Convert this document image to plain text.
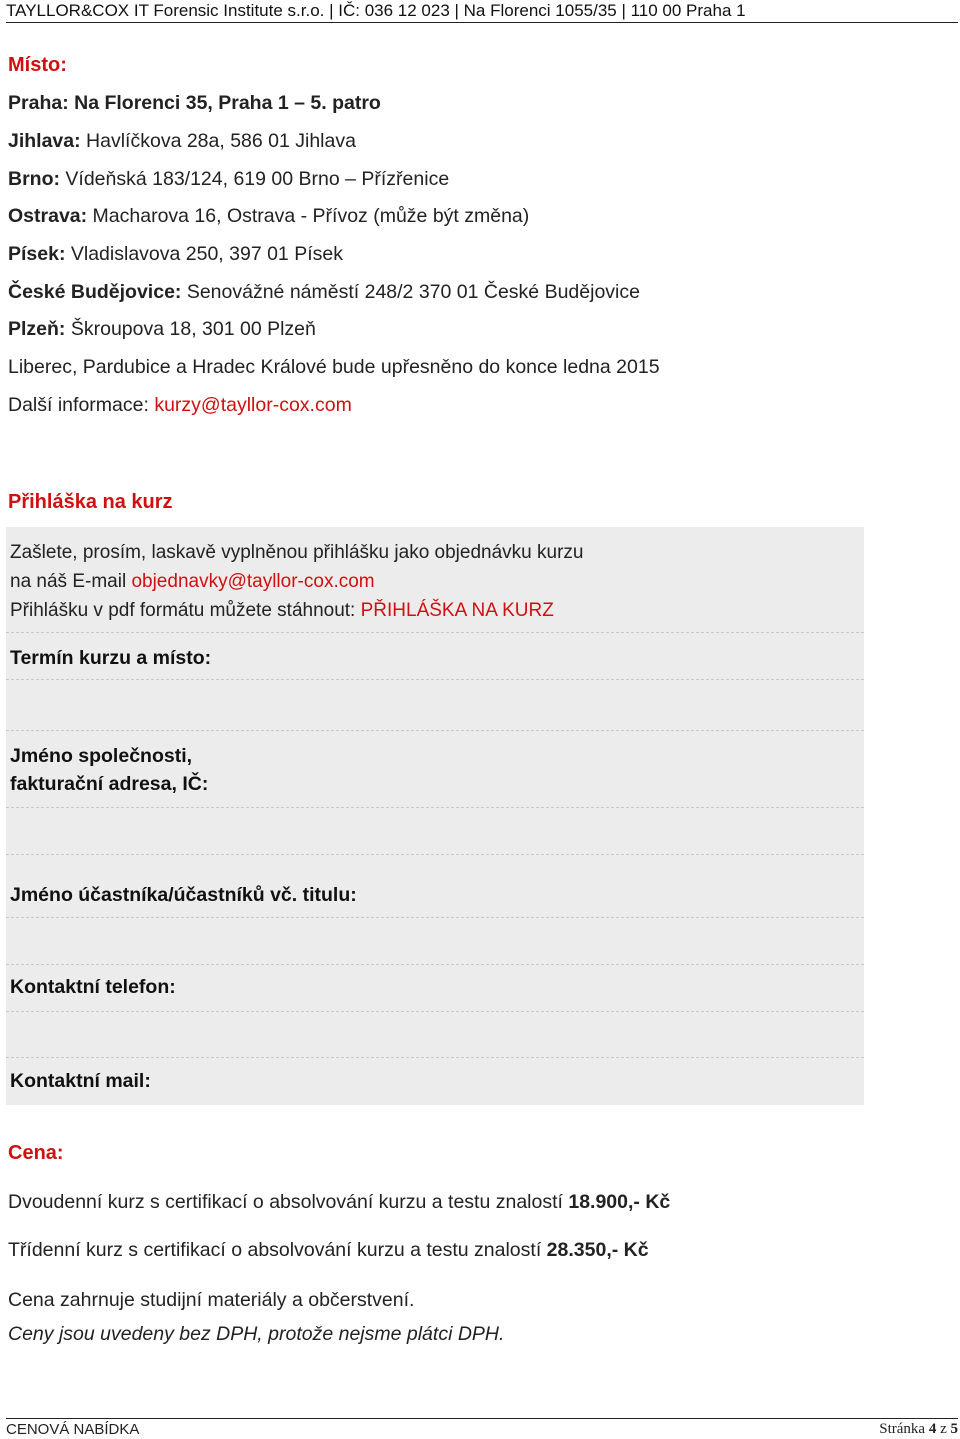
TAYLLOR&COX IT Forensic Institute s.r.o. | IČ: 036 12 023 | Na Florenci 1055/35 | 110 00 Praha 1
Místo:
Praha: Na Florenci 35, Praha 1 – 5. patro
Jihlava: Havlíčkova 28a, 586 01 Jihlava
Brno: Vídeňská 183/124, 619 00 Brno – Přízřenice
Ostrava: Macharova 16, Ostrava - Přívoz (může být změna)
Písek: Vladislavova 250, 397 01 Písek
České Budějovice: Senovážné náměstí 248/2 370 01 České Budějovice
Plzeň: Škroupova 18, 301 00 Plzeň
Liberec, Pardubice a Hradec Králové bude upřesněno do konce ledna 2015
Další informace: kurzy@tayllor-cox.com
Přihláška na kurz
Zašlete, prosím, laskavě vyplněnou přihlášku jako objednávku kurzu
na náš E-mail objednavky@tayllor-cox.com
Přihlášku v pdf formátu můžete stáhnout: PŘIHLÁŠKA NA KURZ
Termín kurzu a místo:
Jméno společnosti,
fakturační adresa, IČ:
Jméno účastníka/účastníků vč. titulu:
Kontaktní telefon:
Kontaktní mail:
Cena:
Dvoudenní kurz s certifikací o absolvování kurzu a testu znalostí 18.900,- Kč
Třídenní kurz s certifikací o absolvování kurzu a testu znalostí 28.350,- Kč
Cena zahrnuje studijní materiály a občerstvení.
Ceny jsou uvedeny bez DPH, protože nejsme plátci DPH.
CENOVÁ NABÍDKA	Stránka 4 z 5
